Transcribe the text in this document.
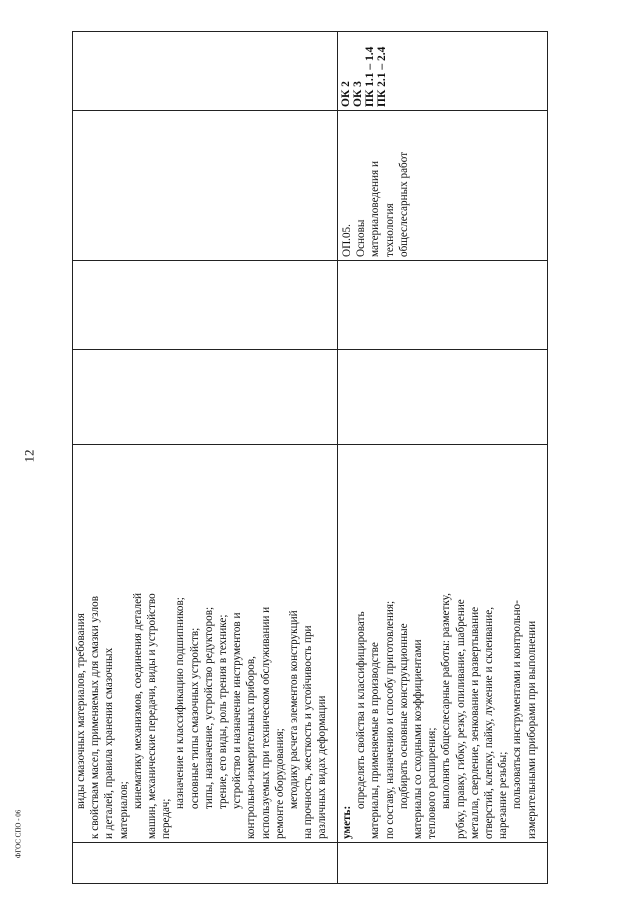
12
ФГОС СПО - 06

виды смазочных материалов, требования к свойствам масел, применяемых для смазки узлов и деталей, правила хранения смазочных материалов;

кинематику механизмов, соединения деталей машин, механические передачи, виды и устройство передач;

назначение и классификацию подшипников; основные типы смазочных устройств; типы, назначение, устройство редукторов; трение, его виды, роль трения в технике; устройство и назначение инструментов и контрольно-измерительных приборов, используемых при техническом обслуживании и ремонте оборудования; методику расчета элементов конструкций на прочность, жесткость и устойчивость при различных видах деформации уметь:

определять свойства и классифицировать материалы, применяемые в производстве по составу, назначению и способу приготовления; подбирать основные конструкционные материалы со сходными коэффициентами теплового расширения; выполнять общеслесарные работы: разметку, рубку, правку, гибку, резку, опиливание, шабрение металла, сверление, зенкование и развертывание отверстий, клепку, пайку, лужение и склеивание, нарезание резьбы; пользоваться инструментами и контрольно- измерительными приборами при выполнении

ОП.05. Основы материаловедения и технология общеслесарных работ

ОК 2 ОК 3 ПК 1.1 – 1.4 ПК 2.1 – 2.4
